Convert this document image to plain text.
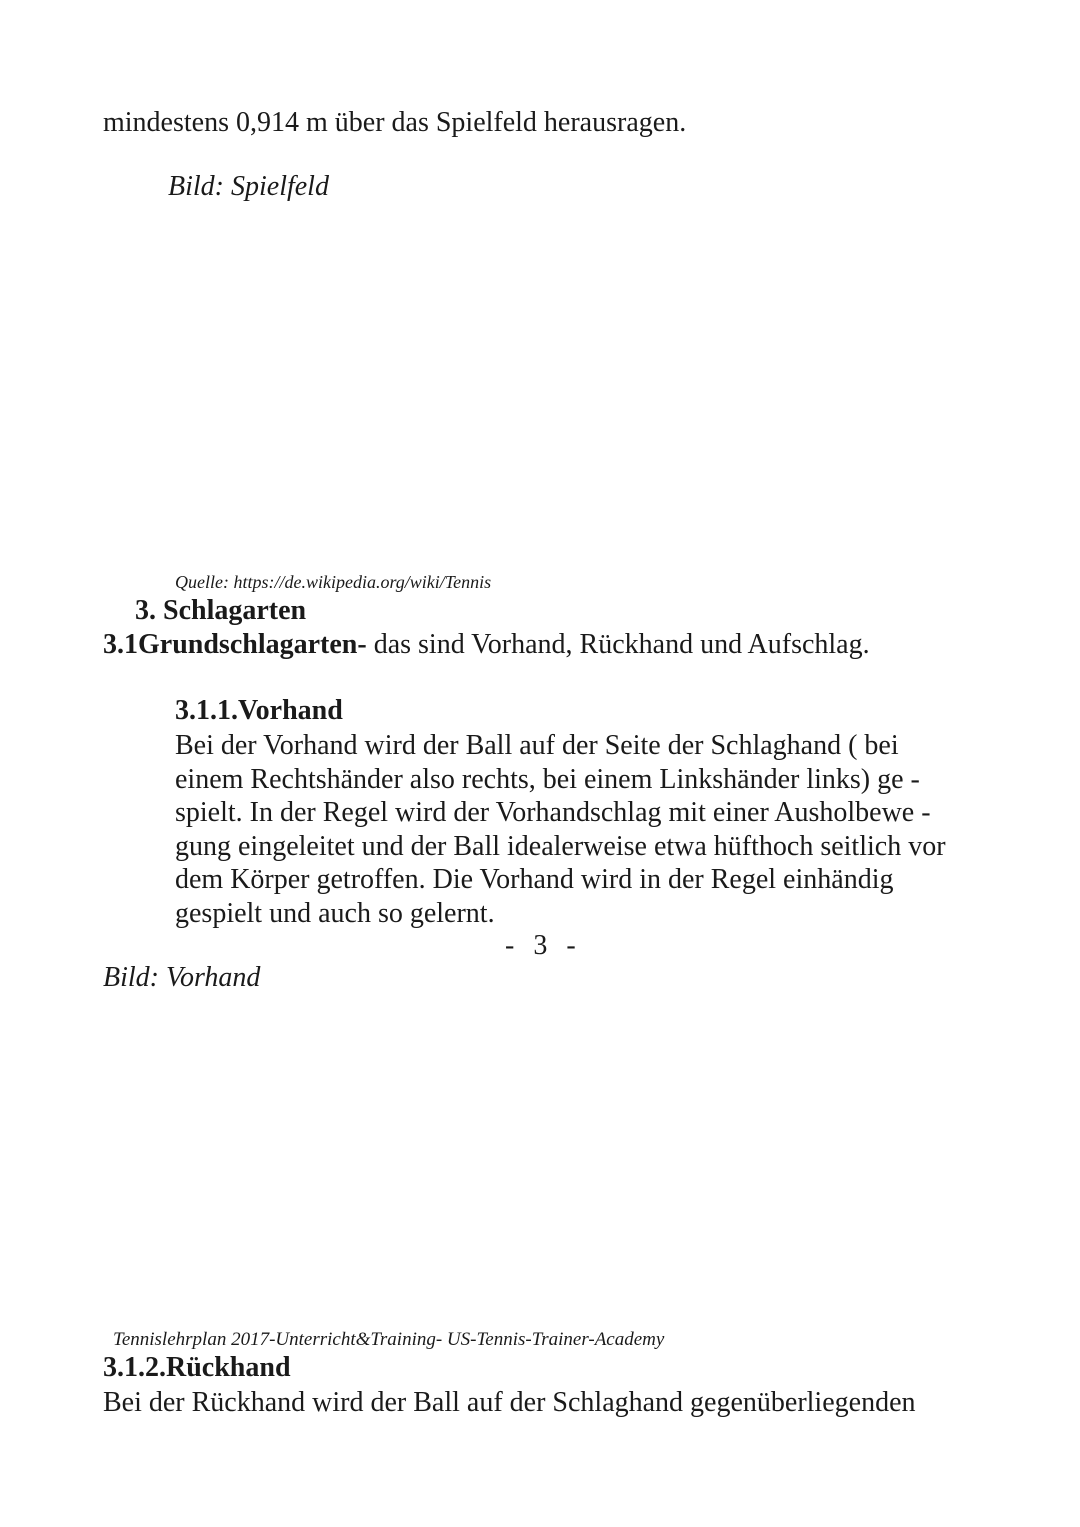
mindestens 0,914 m über das Spielfeld herausragen.
Bild: Spielfeld
Quelle: https://de.wikipedia.org/wiki/Tennis
3. Schlagarten
3.1Grundschlagarten- das sind Vorhand, Rückhand und Aufschlag.
3.1.1.Vorhand
Bei der Vorhand wird der Ball auf der Seite der Schlaghand ( bei
einem Rechtshänder also rechts, bei einem Linkshänder links) ge -
spielt. In der Regel wird der Vorhandschlag mit einer Ausholbewe -
gung eingeleitet und der Ball idealerweise etwa hüfthoch seitlich vor
dem Körper getroffen. Die Vorhand wird in der Regel einhändig
gespielt und auch so gelernt.
- 3 -
Bild: Vorhand
Tennislehrplan 2017-Unterricht&Training- US-Tennis-Trainer-Academy
3.1.2.Rückhand
Bei der Rückhand wird der Ball auf der Schlaghand gegenüberliegenden
